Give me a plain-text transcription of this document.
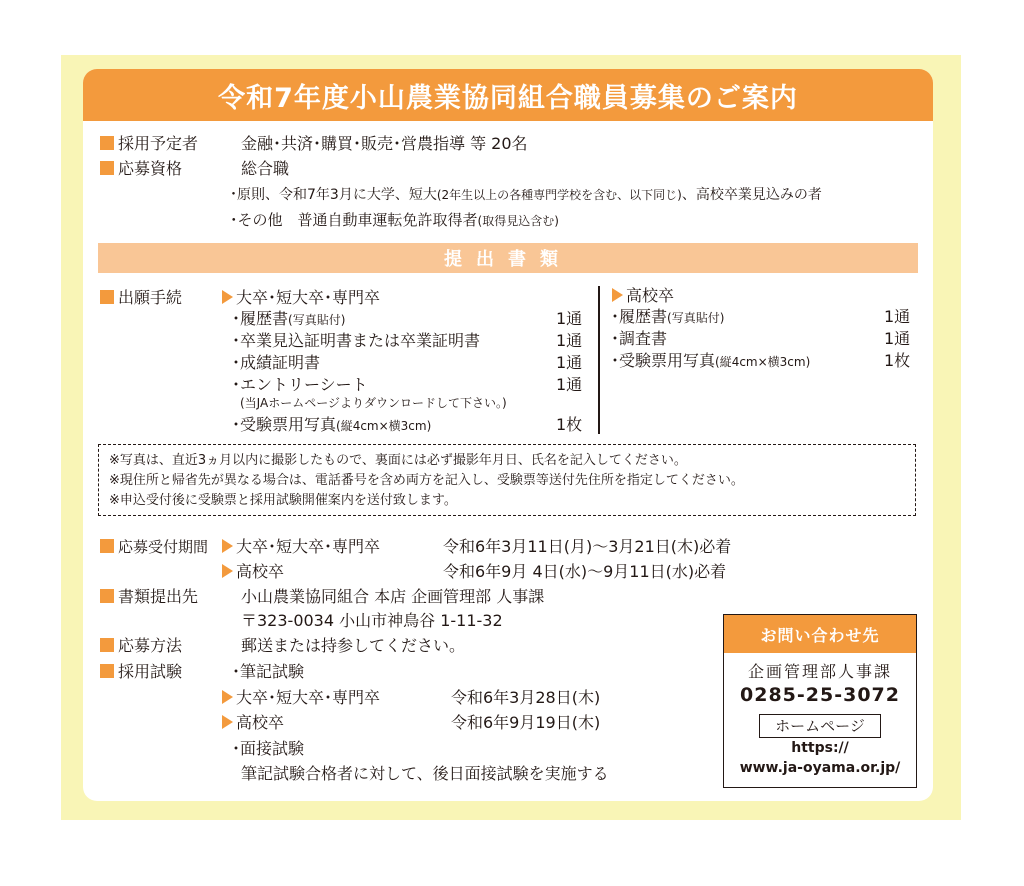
令和7年度小山農業協同組合職員募集のご案内
採用予定者	金融･共済･購買･販売･営農指導 等 20名
応募資格	総合職
･原則、令和7年3月に大学、短大(2年生以上の各種専門学校を含む、以下同じ)、高校卒業見込みの者
･その他　普通自動車運転免許取得者(取得見込含む)
提出書類
出願手続	大卒･短大卒･専門卒
･履歴書(写真貼付)	1通
･卒業見込証明書または卒業証明書	1通
･成績証明書	1通
･エントリーシート	1通
(当JAホームページよりダウンロードして下さい｡)
･受験票用写真(縦4cm×横3cm)	1枚
高校卒
･履歴書(写真貼付)	1通
･調査書	1通
･受験票用写真(縦4cm×横3cm)	1枚
※写真は、直近3ヵ月以内に撮影したもので、裏面には必ず撮影年月日、氏名を記入してください。
※現住所と帰省先が異なる場合は、電話番号を含め両方を記入し、受験票等送付先住所を指定してください。
※申込受付後に受験票と採用試験開催案内を送付致します。
応募受付期間	大卒･短大卒･専門卒	令和6年3月11日(月)～3月21日(木)必着
高校卒	令和6年9月 4日(水)～9月11日(水)必着
書類提出先	小山農業協同組合 本店 企画管理部 人事課
〒323-0034 小山市神鳥谷 1-11-32
応募方法	郵送または持参してください。
採用試験	･筆記試験
大卒･短大卒･専門卒	令和6年3月28日(木)
高校卒	令和6年9月19日(木)
･面接試験
筆記試験合格者に対して、後日面接試験を実施する
お問い合わせ先
企画管理部人事課
0285-25-3072
ホームページ
https://
www.ja-oyama.or.jp/
